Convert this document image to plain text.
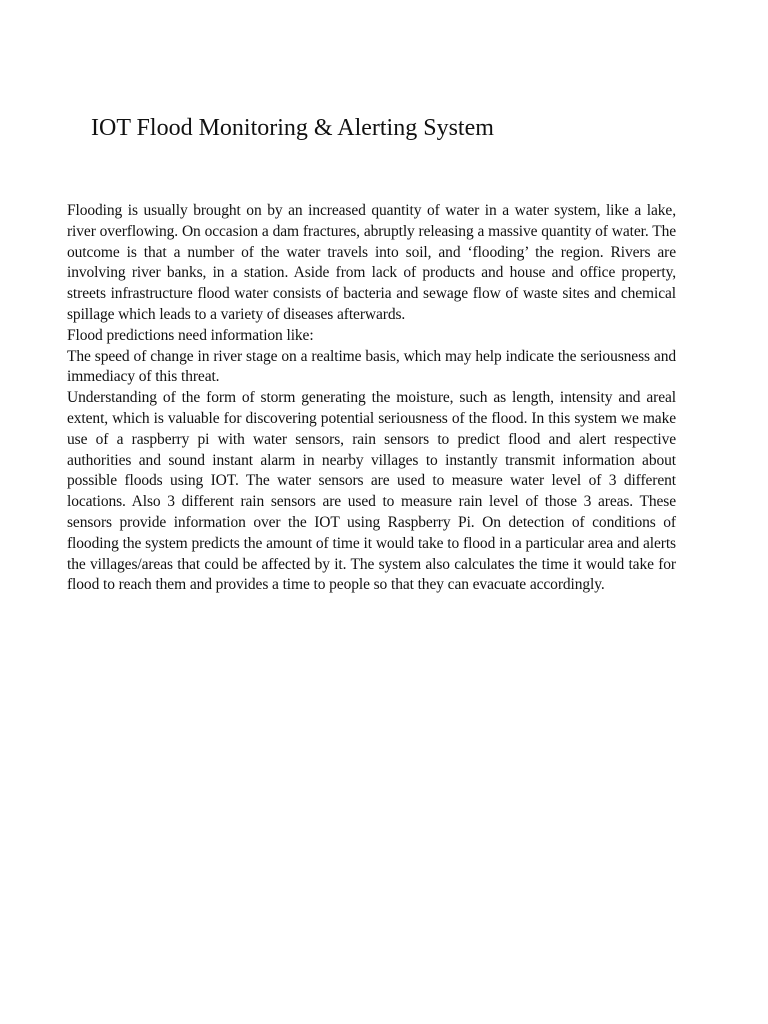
IOT Flood Monitoring & Alerting System
Flooding is usually brought on by an increased quantity of water in a water system, like a lake, river overflowing. On occasion a dam fractures, abruptly releasing a massive quantity of water. The outcome is that a number of the water travels into soil, and ‘flooding’ the region. Rivers are involving river banks, in a station. Aside from lack of products and house and office property, streets infrastructure flood water consists of bacteria and sewage flow of waste sites and chemical spillage which leads to a variety of diseases afterwards.
Flood predictions need information like:
The speed of change in river stage on a realtime basis, which may help indicate the seriousness and immediacy of this threat.
Understanding of the form of storm generating the moisture, such as length, intensity and areal extent, which is valuable for discovering potential seriousness of the flood. In this system we make use of a raspberry pi with water sensors, rain sensors to predict flood and alert respective authorities and sound instant alarm in nearby villages to instantly transmit information about possible floods using IOT. The water sensors are used to measure water level of 3 different locations. Also 3 different rain sensors are used to measure rain level of those 3 areas. These sensors provide information over the IOT using Raspberry Pi. On detection of conditions of flooding the system predicts the amount of time it would take to flood in a particular area and alerts the villages/areas that could be affected by it. The system also calculates the time it would take for flood to reach them and provides a time to people so that they can evacuate accordingly.
